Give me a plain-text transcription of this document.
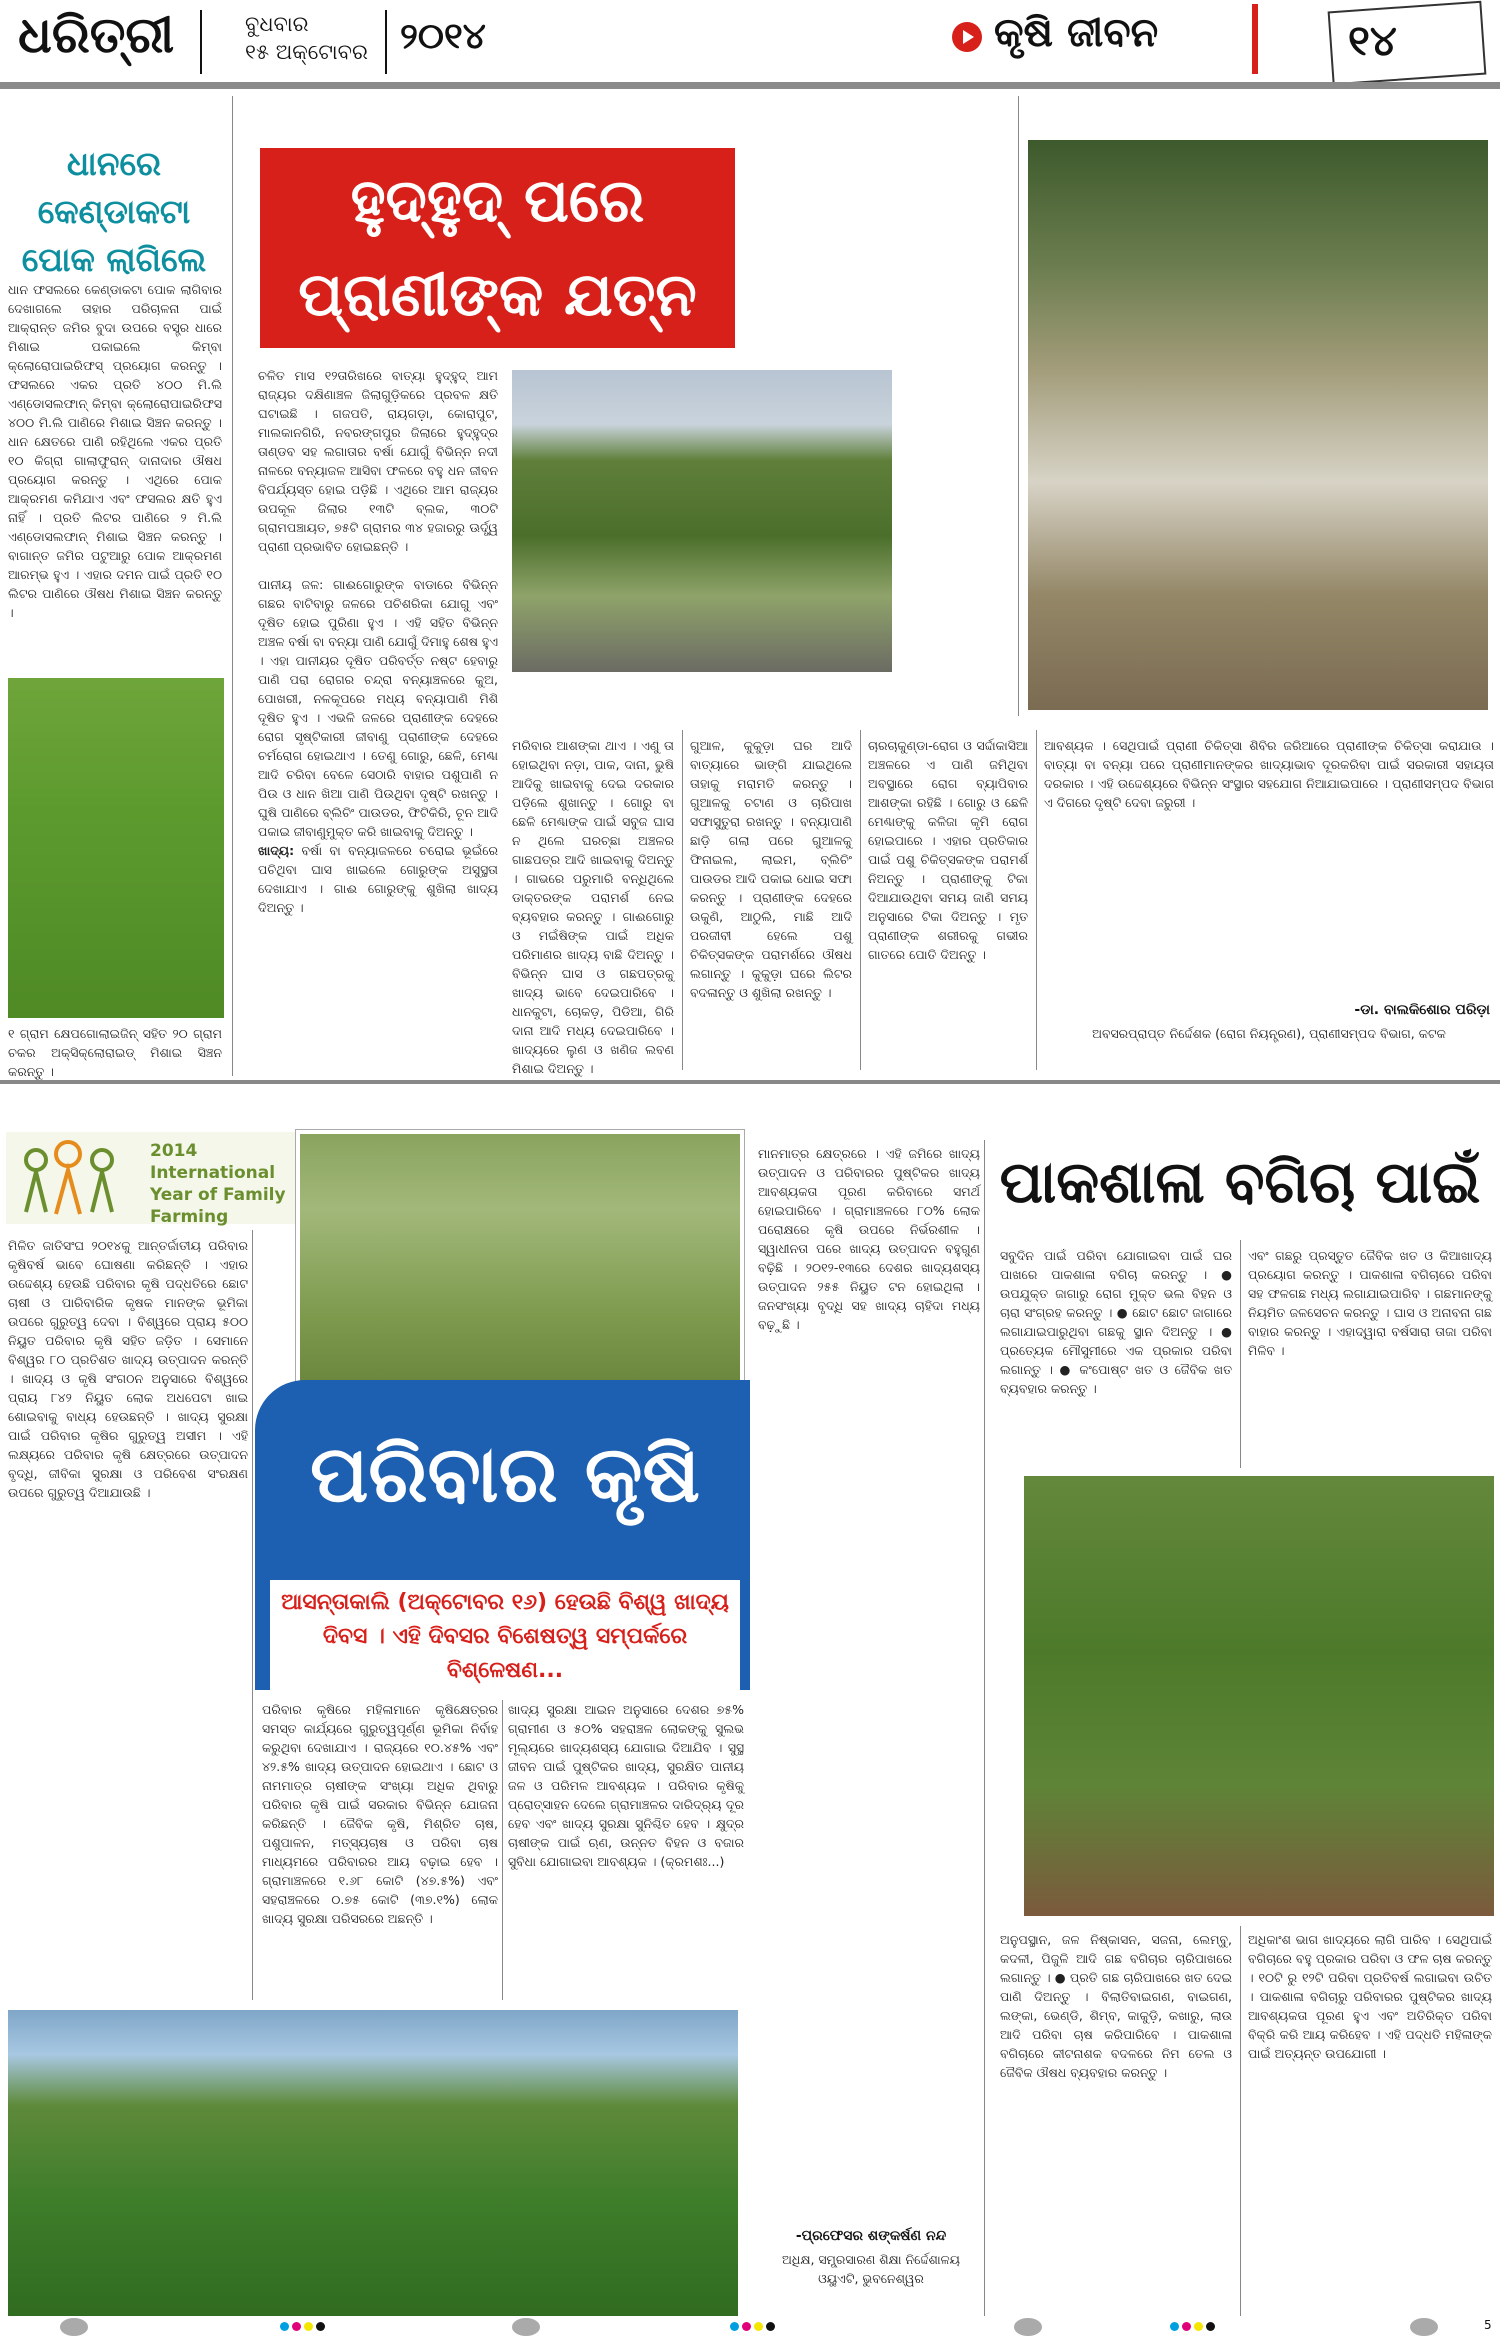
ଧରିତ୍ରୀ	ବୁଧବାର
୧୫ ଅକ୍ଟୋବର ୨୦୧୪	କୃଷି ଜୀବନ	୧୪
ଧାନରେ କେଣ୍ଡାକଟା ପୋକ ଲାଗିଲେ
ଧାନ ଫସଲରେ କେଣ୍ଡାକଟା ପୋକ ଲାଗିବାର ଦେଖାଗଲେ ତାହାର ପରିଚାଳନା ପାଇଁ ଆକ୍ରାନ୍ତ ଜମିର ବୁଦା ଉପରେ ବସ୍ତ୍ର ଧାରେ ମିଶାଇ ପକାଇଲେ କିମ୍ବା କ୍ଲୋରୋପାଇରିଫସ୍ ପ୍ରୟୋଗ କରନ୍ତୁ । ଫସଲରେ ଏକର ପ୍ରତି ୪୦୦ ମି.ଲି ଏଣ୍ଡୋସଲଫାନ୍ କିମ୍ବା କ୍ଲୋରୋପାଇରିଫସ ୪୦୦ ମି.ଲି ପାଣିରେ ମିଶାଇ ସିଞ୍ଚନ କରନ୍ତୁ । ଧାନ କ୍ଷେତରେ ପାଣି ରହିଥିଲେ ଏକର ପ୍ରତି ୧୦ କିଗ୍ରା ଗାଲାଫୁରାନ୍ ଦାନାଦାର ଔଷଧ ପ୍ରୟୋଗ କରନ୍ତୁ । ଏଥିରେ ପୋକ ଆକ୍ରମଣ କମିଯାଏ ଏବଂ ଫସଲର କ୍ଷତି ହୁଏ ନାହିଁ । ପ୍ରତି ଲିଟର ପାଣିରେ ୨ ମି.ଲି ଏଣ୍ଡୋସଲଫାନ୍ ମିଶାଇ ସିଞ୍ଚନ କରନ୍ତୁ । ବାଗାନ୍ତ ଜମିର ପଟୁଆରୁ ପୋକ ଆକ୍ରମଣ ଆରମ୍ଭ ହୁଏ । ଏହାର ଦମନ ପାଇଁ ପ୍ରତି ୧୦ ଲିଟର ପାଣିରେ ଔଷଧ ମିଶାଇ ସିଞ୍ଚନ କରନ୍ତୁ ।
୧ ଗ୍ରାମ କ୍ଷେପଗୋଲାଇଜିନ୍ ସହିତ ୨୦ ଗ୍ରାମ ଚକର ଅକ୍ସିକ୍ଲୋରାଇଡ୍ ମିଶାଇ ସିଞ୍ଚନ କରନ୍ତୁ ।
ହୁଦ୍‌ହୁଦ୍ ପରେ ପ୍ରାଣୀଙ୍କ ଯତ୍ନ
ଚଳିତ ମାସ ୧୨ତାରିଖରେ ବାତ୍ୟା ହୁଦ୍‌ହୁଦ୍ ଆମ ରାଜ୍ୟର ଦକ୍ଷିଣାଞ୍ଚଳ ଜିଲାଗୁଡ଼ିକରେ ପ୍ରବଳ କ୍ଷତି ଘଟାଇଛି । ଗଜପତି, ରାୟଗଡ଼ା, କୋରାପୁଟ, ମାଲକାନଗିରି, ନବରଙ୍ଗପୁର ଜିଲାରେ ହୁଦ୍‌ହୁଦ୍‌ର ତାଣ୍ଡବ ସହ ଲଗାତାର ବର୍ଷା ଯୋଗୁଁ ବିଭିନ୍ନ ନଦୀ ନାଳରେ ବନ୍ୟାଜଳ ଆସିବା ଫଳରେ ବହୁ ଧନ ଜୀବନ ବିପର୍ଯ୍ୟସ୍ତ ହୋଇ ପଡ଼ିଛି । ଏଥିରେ ଆମ ରାଜ୍ୟର ଉପକୂଳ ଜିଲାର ୧୩ଟି ବ୍ଲକ, ୩୦ଟି ଗ୍ରାମପଞ୍ଚାୟତ, ୭୫ଟି ଗ୍ରାମର ୩୪ ହଜାରରୁ ଊର୍ଦ୍ଧ୍ୱ ପ୍ରାଣୀ ପ୍ରଭାବିତ ହୋଇଛନ୍ତି ।

ପାନୀୟ ଜଳ: ଗାଈଗୋରୁଙ୍କ ବାଡାରେ ବିଭିନ୍ନ ଗଛର ବାଟିବାରୁ ଜଳରେ ପଚିଶରିକା ଯୋଗୁ ଏବଂ ଦୂଷିତ ହୋଇ ପୁରିଣା ହୁଏ । ଏହି ସହିତ ବିଭିନ୍ନ ଅଞ୍ଚଳ ବର୍ଷା ବା ବନ୍ୟା ପାଣି ଯୋଗୁଁ ଦିମାହୁ ଶେଷ ହୁଏ । ଏହା ପାନୀୟର ଦୂଷିତ ପରିବର୍ତ୍ତ ନଷ୍ଟ ହେବାରୁ ପାଣି ପରା ରୋଗର ଚନ୍ଦ୍ରା ବନ୍ୟାଞ୍ଚଳରେ କୁଅ, ପୋଖରୀ, ନଳକୂପରେ ମଧ୍ୟ ବନ୍ୟାପାଣି ମିଶି ଦୂଷିତ ହୁଏ । ଏଭଳି ଜଳରେ ପ୍ରାଣୀଙ୍କ ଦେହରେ ରୋଗ ସୃଷ୍ଟିକାରୀ ଜୀବାଣୁ ପ୍ରାଣୀଙ୍କ ଦେହରେ ଚର୍ମରୋଗ ହୋଇଥାଏ । ତେଣୁ ଗୋରୁ, ଛେଳି, ମେଣ୍ଢା ଆଦି ଚରିବା ବେଳେ ସେଠାରି ବାହାର ପଶୁପାଣି ନ ପିଉ ଓ ଧାନ ଖିଆ ପାଣି ପିଉଥିବା ଦୃଷ୍ଟି ରଖନ୍ତୁ । ଘୁଷି ପାଣିରେ ବ୍ଲିଚିଂ ପାଉଡର, ଫିଟିକିରି, ଚୂନ ଆଦି ପକାଇ ଜୀବାଣୁମୁକ୍ତ କରି ଖାଇବାକୁ ଦିଅନ୍ତୁ ।
ଖାଦ୍ୟ: ବର୍ଷା ବା ବନ୍ୟାଜଳରେ ଚରୋଇ ଭୂଇଁରେ ପଚିଥିବା ଘାସ ଖାଇଲେ ଗୋରୁଙ୍କ ଅସୁସ୍ଥତା ଦେଖାଯାଏ । ଗାଈ ଗୋରୁଙ୍କୁ ଶୁଖିଲା ଖାଦ୍ୟ ଦିଅନ୍ତୁ ।
ମରିବାର ଆଶଙ୍କା ଥାଏ । ଏଣୁ ତା ହୋଇଥିବା ନଡ଼ା, ପାକ, ଦାନା, ଭୁଷି ଆଦିକୁ ଖାଇବାକୁ ଦେଇ ଦରକାର ପଡ଼ିଲେ ଶୁଖାନ୍ତୁ । ଗୋରୁ ବା ଛେଳି ମେଣ୍ଢାଙ୍କ ପାଇଁ ସବୁଜ ଘାସ ନ ଥିଲେ ଘରଚ୍ଛା ଅଞ୍ଚଳର ଗାଛପତ୍ର ଆଦି ଖାଇବାକୁ ଦିଅନ୍ତୁ । ଗାଭରେ ପରୁମାରି ବନ୍ଧିଥିଲେ ଡାକ୍ତରଙ୍କ ପରାମର୍ଶ ନେଇ ବ୍ୟବହାର କରନ୍ତୁ । ଗାଈଗୋରୁ ଓ ମଇଁଷିଙ୍କ ପାଇଁ ଅଧିକ ପରିମାଣର ଖାଦ୍ୟ ବାଛି ଦିଅନ୍ତୁ । ବିଭିନ୍ନ ଘାସ ଓ ଗଛପତ୍ରକୁ ଖାଦ୍ୟ ଭାବେ ଦେଇପାରିବେ । ଧାନକୁଟା, ଚୋକଡ଼, ପିଡିଆ, ଗିରି ଦାନା ଆଦି ମଧ୍ୟ ଦେଇପାରିବେ । ଖାଦ୍ୟରେ ଲୁଣ ଓ ଖଣିଜ ଲବଣ ମିଶାଇ ଦିଅନ୍ତୁ ।
ଗୁଆଳ, କୁକୁଡ଼ା ଘର ଆଦି ବାତ୍ୟାରେ ଭାଙ୍ଗି ଯାଇଥିଲେ ତାହାକୁ ମରାମତି କରନ୍ତୁ । ଗୁଆଳକୁ ଚଟାଣ ଓ ଚାରିପାଖ ସଫାସୁତୁରା ରଖନ୍ତୁ । ବନ୍ୟାପାଣି ଛାଡ଼ି ଗଲା ପରେ ଗୁଆଳକୁ ଫିନାଇଲ, ଲାଇମ, ବ୍ଲିଚିଂ ପାଉଡର ଆଦି ପକାଇ ଧୋଇ ସଫା କରନ୍ତୁ । ପ୍ରାଣୀଙ୍କ ଦେହରେ ଉକୁଣି, ଆଠୁଲି, ମାଛି ଆଦି ପରଜୀବୀ ହେଲେ ପଶୁ ଚିକିତ୍ସକଙ୍କ ପରାମର୍ଶରେ ଔଷଧ ଲଗାନ୍ତୁ । କୁକୁଡ଼ା ଘରେ ଲିଟର ବଦଳାନ୍ତୁ ଓ ଶୁଖିଲା ରଖନ୍ତୁ ।
ଚାରଚାକୁଣ୍ଡା-ରୋଗ ଓ ସର୍ଦ୍ଦାକାସିଆ ଅଞ୍ଚଳରେ ଏ ପାଣି ଜମିଥିବା ଅବସ୍ଥାରେ ରୋଗ ବ୍ୟାପିବାର ଆଶଙ୍କା ରହିଛି । ଗୋରୁ ଓ ଛେଳି ମେଣ୍ଢାଙ୍କୁ କଳିଜା କୃମି ରୋଗ ହୋଇପାରେ । ଏହାର ପ୍ରତିକାର ପାଇଁ ପଶୁ ଚିକିତ୍ସକଙ୍କ ପରାମର୍ଶ ନିଅନ୍ତୁ । ପ୍ରାଣୀଙ୍କୁ ଟିକା ଦିଆଯାଉଥିବା ସମୟ ଜାଣି ସମୟ ଅନୁସାରେ ଟିକା ଦିଅନ୍ତୁ । ମୃତ ପ୍ରାଣୀଙ୍କ ଶରୀରକୁ ଗଭୀର ଗାତରେ ପୋତି ଦିଅନ୍ତୁ ।
ଆବଶ୍ୟକ । ସେଥିପାଇଁ ପ୍ରାଣୀ ଚିକିତ୍ସା ଶିବିର ଜରିଆରେ ପ୍ରାଣୀଙ୍କ ଚିକିତ୍ସା କରାଯାଉ । ବାତ୍ୟା ବା ବନ୍ୟା ପରେ ପ୍ରାଣୀମାନଙ୍କର ଖାଦ୍ୟାଭାବ ଦୂରକରିବା ପାଇଁ ସରକାରୀ ସହାୟତା ଦରକାର । ଏହି ଉଦ୍ଦେଶ୍ୟରେ ବିଭିନ୍ନ ସଂସ୍ଥାର ସହଯୋଗ ନିଆଯାଇପାରେ । ପ୍ରାଣୀସମ୍ପଦ ବିଭାଗ ଏ ଦିଗରେ ଦୃଷ୍ଟି ଦେବା ଜରୁରୀ ।
-ଡା. ବାଲକିଶୋର ପରିଡ଼ା
ଅବସରପ୍ରାପ୍ତ ନିର୍ଦ୍ଦେଶକ (ରୋଗ ନିୟନ୍ତ୍ରଣ), ପ୍ରାଣୀସମ୍ପଦ ବିଭାଗ, କଟକ
2014 International Year of Family Farming
ମିଳିତ ଜାତିସଂଘ ୨୦୧୪କୁ ଆନ୍ତର୍ଜାତୀୟ ପରିବାର କୃଷିବର୍ଷ ଭାବେ ଘୋଷଣା କରିଛନ୍ତି । ଏହାର ଉଦ୍ଦେଶ୍ୟ ହେଉଛି ପରିବାର କୃଷି ପଦ୍ଧତିରେ ଛୋଟ ଚାଷୀ ଓ ପାରିବାରିକ କୃଷକ ମାନଙ୍କ ଭୂମିକା ଉପରେ ଗୁରୁତ୍ୱ ଦେବା । ବିଶ୍ୱରେ ପ୍ରାୟ ୫୦୦ ନିୟୁତ ପରିବାର କୃଷି ସହିତ ଜଡ଼ିତ । ସେମାନେ ବିଶ୍ୱର ୮୦ ପ୍ରତିଶତ ଖାଦ୍ୟ ଉତ୍ପାଦନ କରନ୍ତି । ଖାଦ୍ୟ ଓ କୃଷି ସଂଗଠନ ଅନୁସାରେ ବିଶ୍ୱରେ ପ୍ରାୟ ୮୪୨ ନିୟୁତ ଲୋକ ଅଧପେଟା ଖାଇ ଶୋଇବାକୁ ବାଧ୍ୟ ହେଉଛନ୍ତି । ଖାଦ୍ୟ ସୁରକ୍ଷା ପାଇଁ ପରିବାର କୃଷିର ଗୁରୁତ୍ୱ ଅସୀମ । ଏହି ଲକ୍ଷ୍ୟରେ ପରିବାର କୃଷି କ୍ଷେତ୍ରରେ ଉତ୍ପାଦନ ବୃଦ୍ଧି, ଜୀବିକା ସୁରକ୍ଷା ଓ ପରିବେଶ ସଂରକ୍ଷଣ ଉପରେ ଗୁରୁତ୍ୱ ଦିଆଯାଉଛି ।
ମାନମାତ୍ର କ୍ଷେତ୍ରରେ । ଏହି ଜମିରେ ଖାଦ୍ୟ ଉତ୍ପାଦନ ଓ ପରିବାରର ପୁଷ୍ଟିକର ଖାଦ୍ୟ ଆବଶ୍ୟକତା ପୂରଣ କରିବାରେ ସମର୍ଥ ହୋଇପାରିବେ । ଗ୍ରାମାଞ୍ଚଳରେ ୮୦% ଲୋକ ପରୋକ୍ଷରେ କୃଷି ଉପରେ ନିର୍ଭରଶୀଳ । ସ୍ୱାଧୀନତା ପରେ ଖାଦ୍ୟ ଉତ୍ପାଦନ ବହୁଗୁଣ ବଢ଼ିଛି । ୨୦୧୨-୧୩ରେ ଦେଶର ଖାଦ୍ୟଶସ୍ୟ ଉତ୍ପାଦନ ୨୫୫ ନିୟୁତ ଟନ ହୋଇଥିଲା । ଜନସଂଖ୍ୟା ବୃଦ୍ଧି ସହ ଖାଦ୍ୟ ଚାହିଦା ମଧ୍ୟ ବଢ଼ୁଛି ।
ପରିବାର କୃଷି
ଆସନ୍ତାକାଲି (ଅକ୍ଟୋବର ୧୬) ହେଉଛି ବିଶ୍ୱ ଖାଦ୍ୟ ଦିବସ । ଏହି ଦିବସର ବିଶେଷତ୍ୱ ସମ୍ପର୍କରେ ବିଶ୍ଳେଷଣ...
ପରିବାର କୃଷିରେ ମହିଳାମାନେ କୃଷିକ୍ଷେତ୍ରର ସମସ୍ତ କାର୍ଯ୍ୟରେ ଗୁରୁତ୍ୱପୂର୍ଣ୍ଣ ଭୂମିକା ନିର୍ବାହ କରୁଥିବା ଦେଖାଯାଏ । ରାଜ୍ୟରେ ୧୦.୪୫% ଏବଂ ୪୨.୫% ଖାଦ୍ୟ ଉତ୍ପାଦନ ହୋଇଥାଏ । ଛୋଟ ଓ ନାମମାତ୍ର ଚାଷୀଙ୍କ ସଂଖ୍ୟା ଅଧିକ ଥିବାରୁ ପରିବାର କୃଷି ପାଇଁ ସରକାର ବିଭିନ୍ନ ଯୋଜନା କରିଛନ୍ତି । ଜୈବିକ କୃଷି, ମିଶ୍ରିତ ଚାଷ, ପଶୁପାଳନ, ମତ୍ସ୍ୟଚାଷ ଓ ପରିବା ଚାଷ ମାଧ୍ୟମରେ ପରିବାରର ଆୟ ବଢ଼ାଇ ହେବ । ଗ୍ରାମାଞ୍ଚଳରେ ୧.୬୮ କୋଟି (୪୭.୫%) ଏବଂ ସହରାଞ୍ଚଳରେ ୦.୭୫ କୋଟି (୩୭.୧%) ଲୋକ ଖାଦ୍ୟ ସୁରକ୍ଷା ପରିସରରେ ଅଛନ୍ତି ।
ଖାଦ୍ୟ ସୁରକ୍ଷା ଆଇନ ଅନୁସାରେ ଦେଶର ୭୫% ଗ୍ରାମୀଣ ଓ ୫୦% ସହରାଞ୍ଚଳ ଲୋକଙ୍କୁ ସୁଲଭ ମୂଲ୍ୟରେ ଖାଦ୍ୟଶସ୍ୟ ଯୋଗାଇ ଦିଆଯିବ । ସୁସ୍ଥ ଜୀବନ ପାଇଁ ପୁଷ୍ଟିକର ଖାଦ୍ୟ, ସୁରକ୍ଷିତ ପାନୀୟ ଜଳ ଓ ପରିମଳ ଆବଶ୍ୟକ । ପରିବାର କୃଷିକୁ ପ୍ରୋତ୍ସାହନ ଦେଲେ ଗ୍ରାମାଞ୍ଚଳର ଦାରିଦ୍ର୍ୟ ଦୂର ହେବ ଏବଂ ଖାଦ୍ୟ ସୁରକ୍ଷା ସୁନିଶ୍ଚିତ ହେବ । କ୍ଷୁଦ୍ର ଚାଷୀଙ୍କ ପାଇଁ ଋଣ, ଉନ୍ନତ ବିହନ ଓ ବଜାର ସୁବିଧା ଯୋଗାଇବା ଆବଶ୍ୟକ । (କ୍ରମଶଃ...)
-ପ୍ରଫେସର ଶଙ୍କର୍ଷଣ ନନ୍ଦ
ଅଧିକ୍ଷ, ସମ୍ପ୍ରସାରଣ ଶିକ୍ଷା ନିର୍ଦ୍ଦେଶାଳୟ ଓୟୁଏଟି, ଭୁବନେଶ୍ୱର
ପାକଶାଳା ବଗିଚା ପାଇଁ
ସବୁଦିନ ପାଇଁ ପରିବା ଯୋଗାଇବା ପାଇଁ ଘର ପାଖରେ ପାକଶାଳା ବଗିଚା କରନ୍ତୁ । ● ଉପଯୁକ୍ତ ଜାଗାରୁ ରୋଗ ମୁକ୍ତ ଭଲ ବିହନ ଓ ଚାରା ସଂଗ୍ରହ କରନ୍ତୁ । ● ଛୋଟ ଛୋଟ ଜାଗାରେ ଲଗାଯାଇପାରୁଥିବା ଗଛକୁ ସ୍ଥାନ ଦିଅନ୍ତୁ । ● ପ୍ରତ୍ୟେକ ମୌସୁମୀରେ ଏକ ପ୍ରକାର ପରିବା ଲଗାନ୍ତୁ । ● କଂପୋଷ୍ଟ ଖତ ଓ ଜୈବିକ ଖତ ବ୍ୟବହାର କରନ୍ତୁ ।
ଏବଂ ଗଛରୁ ପ୍ରସ୍ତୁତ ଜୈବିକ ଖତ ଓ କିଆଖାଦ୍ୟ ପ୍ରୟୋଗ କରନ୍ତୁ । ପାକଶାଳା ବଗିଚାରେ ପରିବା ସହ ଫଳଗଛ ମଧ୍ୟ ଲଗାଯାଇପାରିବ । ଗଛମାନଙ୍କୁ ନିୟମିତ ଜଳସେଚନ କରନ୍ତୁ । ଘାସ ଓ ଅନାବନା ଗଛ ବାହାର କରନ୍ତୁ । ଏହାଦ୍ୱାରା ବର୍ଷସାରା ତାଜା ପରିବା ମିଳିବ ।
ଅନୁପସ୍ଥାନ, ଜଳ ନିଷ୍କାସନ, ସଜନା, ଲେମ୍ବୁ, କଦଳୀ, ପିଜୁଳି ଆଦି ଗଛ ବଗିଚାର ଚାରିପାଖରେ ଲଗାନ୍ତୁ । ● ପ୍ରତି ଗଛ ଚାରିପାଖରେ ଖତ ଦେଇ ପାଣି ଦିଅନ୍ତୁ । ବିଲାତିବାଇଗଣ, ବାଇଗଣ, ଲଙ୍କା, ଭେଣ୍ଡି, ଶିମ୍ବ, କାକୁଡ଼ି, କଖାରୁ, ଲାଉ ଆଦି ପରିବା ଚାଷ କରିପାରିବେ । ପାକଶାଳା ବଗିଚାରେ କୀଟନାଶକ ବଦଳରେ ନିମ ତେଲ ଓ ଜୈବିକ ଔଷଧ ବ୍ୟବହାର କରନ୍ତୁ ।
ଅଧିକାଂଶ ଭାଗ ଖାଦ୍ୟରେ ଲାଗି ପାରିବ । ସେଥିପାଇଁ ବଗିଚାରେ ବହୁ ପ୍ରକାର ପରିବା ଓ ଫଳ ଚାଷ କରନ୍ତୁ । ୧୦ଟି ରୁ ୧୨ଟି ପରିବା ପ୍ରତିବର୍ଷ ଲଗାଇବା ଉଚିତ । ପାକଶାଳା ବଗିଚାରୁ ପରିବାରର ପୁଷ୍ଟିକର ଖାଦ୍ୟ ଆବଶ୍ୟକତା ପୂରଣ ହୁଏ ଏବଂ ଅତିରିକ୍ତ ପରିବା ବିକ୍ରି କରି ଆୟ କରିହେବ । ଏହି ପଦ୍ଧତି ମହିଳାଙ୍କ ପାଇଁ ଅତ୍ୟନ୍ତ ଉପଯୋଗୀ ।
5
